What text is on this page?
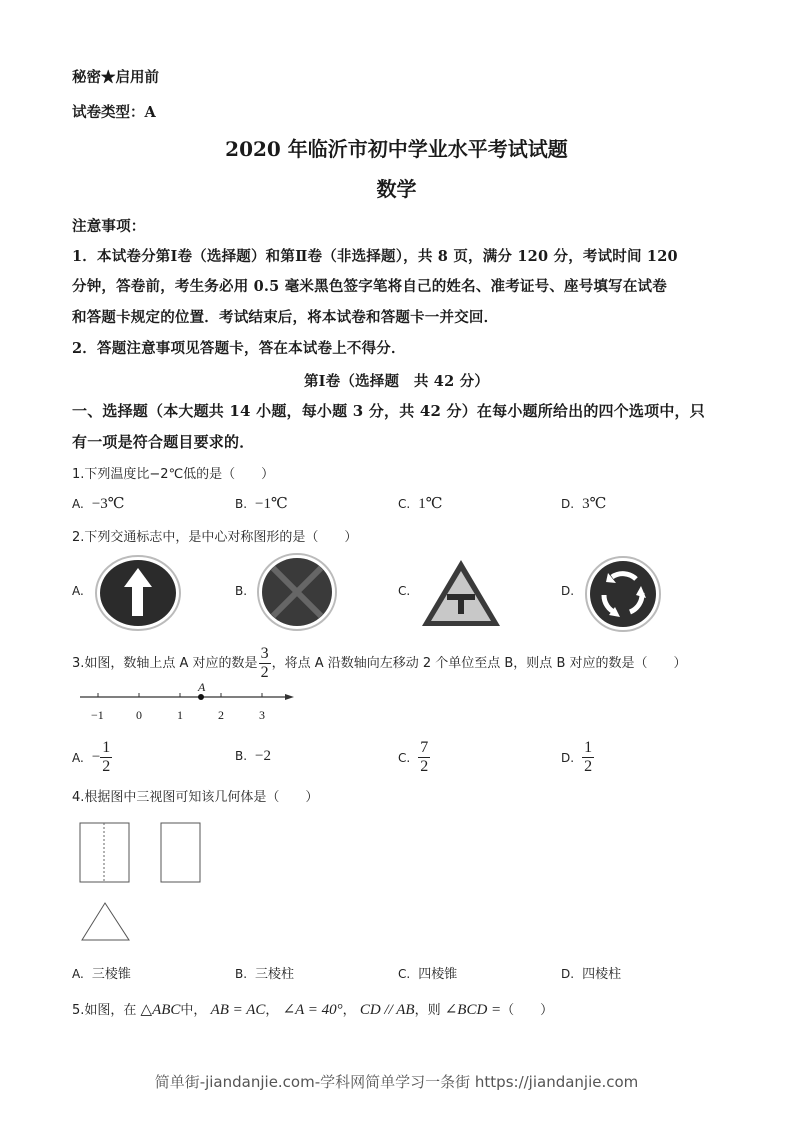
秘密★启用前
试卷类型：A
2020 年临沂市初中学业水平考试试题
数学
注意事项：
1．本试卷分第Ⅰ卷（选择题）和第Ⅱ卷（非选择题），共 8 页，满分 120 分，考试时间 120
分钟，答卷前，考生务必用 0.5 毫米黑色签字笔将自己的姓名、准考证号、座号填写在试卷
和答题卡规定的位置．考试结束后，将本试卷和答题卡一并交回．
2．答题注意事项见答题卡，答在本试卷上不得分．
第Ⅰ卷（选择题　共 42 分）
一、选择题（本大题共 14 小题，每小题 3 分，共 42 分）在每小题所给出的四个选项中，只
有一项是符合题目要求的．
1.下列温度比−2℃低的是（　　）
A. −3℃	B. −1℃	C. 1℃	D. 3℃
2.下列交通标志中，是中心对称图形的是（　　）
A.	B.	C.	D.
3.如图，数轴上点 A 对应的数是 $\frac{3}{2}$ ，将点 A 沿数轴向左移动 2 个单位至点 B，则点 B 对应的数是（　　）
A
−1	0	1	2	3
A. − $\frac{1}{2}$	B. −2	C. $\frac{7}{2}$	D. $\frac{1}{2}$
4.根据图中三视图可知该几何体是（　　）
A. 三棱锥	B. 三棱柱	C. 四棱锥	D. 四棱柱
5.如图，在 △ABC中， AB = AC， ∠A = 40°， CD // AB，则 ∠BCD =（　　）
简单街-jiandanjie.com-学科网简单学习一条街 https://jiandanjie.com
